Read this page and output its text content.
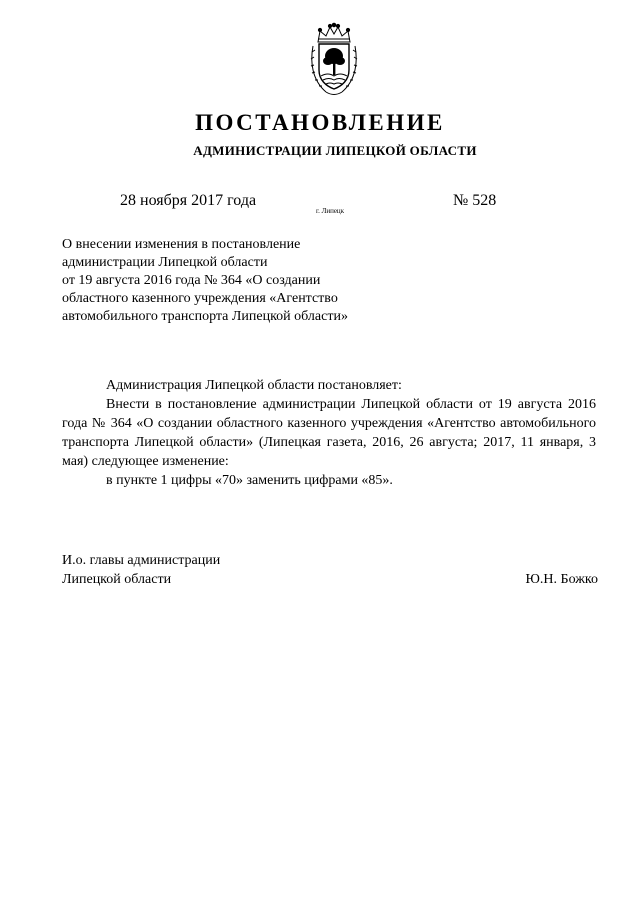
ПОСТАНОВЛЕНИЕ
АДМИНИСТРАЦИИ ЛИПЕЦКОЙ ОБЛАСТИ
28 ноября 2017 года
г. Липецк
№ 528
О внесении изменения в постановление
администрации Липецкой области
от 19 августа 2016 года № 364 «О создании
областного казенного учреждения «Агентство
автомобильного транспорта Липецкой области»

Администрация Липецкой области постановляет:

Внести в постановление администрации Липецкой области от 19 августа 2016 года № 364 «О создании областного казенного учреждения «Агентство автомобильного транспорта Липецкой области» (Липецкая газета, 2016, 26 августа; 2017, 11 января, 3 мая) следующее изменение:

в пункте 1 цифры «70» заменить цифрами «85».

И.о. главы администрации
Липецкой области	Ю.Н. Божко
